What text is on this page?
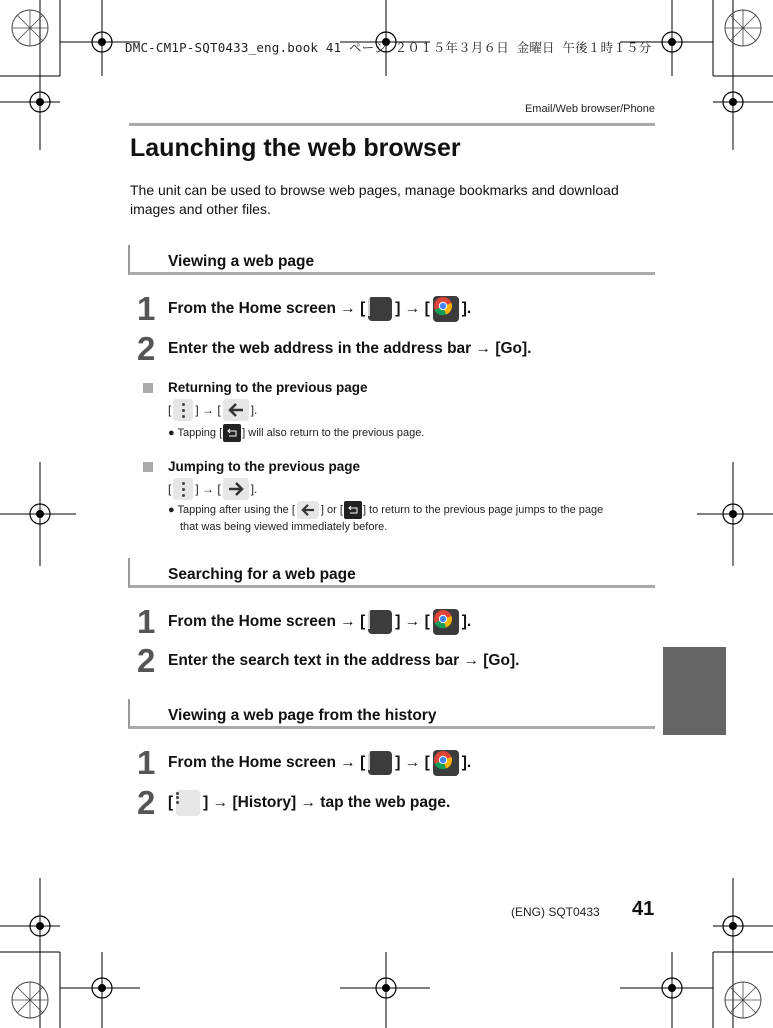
DMC-CM1P-SQT0433_eng.book 41 ページ ２０１５年３月６日 金曜日 午後１時１５分
Email/Web browser/Phone
Launching the web browser
The unit can be used to browse web pages, manage bookmarks and download images and other files.
Viewing a web page
1 From the Home screen
→
[ ]
→
[ ].
2 Enter the web address in the address bar → [Go].
Returning to the previous page
[ ]
→
[	].
● Tapping [ ] will also return to the previous page.
Jumping to the previous page
[ ]
→
[	].
● Tapping after using the [ ] or [ ] to return to the previous page jumps to the page
that was being viewed immediately before.
Searching for a web page
1 From the Home screen
→
[ ]
→
[ ].
2 Enter the search text in the address bar → [Go].
Viewing a web page from the history
1 From the Home screen
→
[ ]
→
[ ].
2 [ ]
→ [History] → tap the web page.
(ENG) SQT0433 41
